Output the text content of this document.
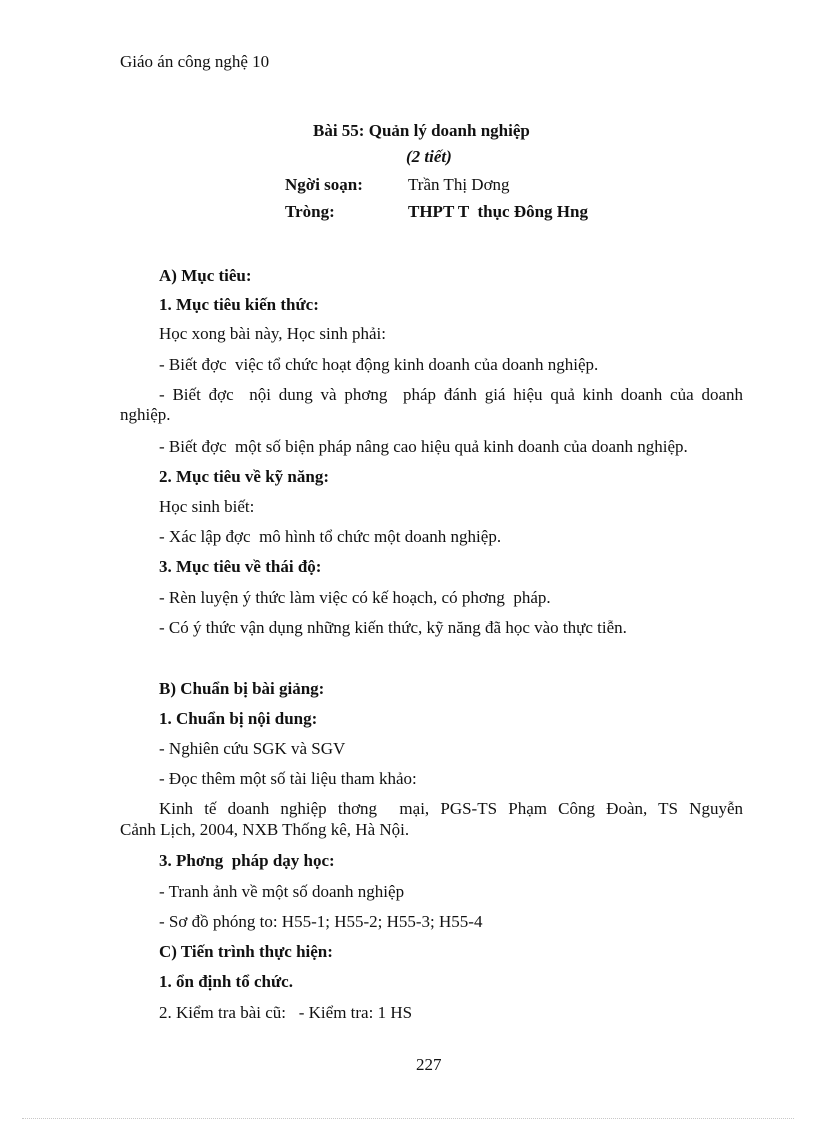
Giáo án công nghệ 10
Bài 55: Quản lý doanh nghiệp
(2 tiết)
Ngời soạn:	Trần Thị Dơng
Tròng:	THPT T  thục Đông Hng
A) Mục tiêu:
1. Mục tiêu kiến thức:
Học xong bài này, Học sinh phải:
- Biết đợc  việc tổ chức hoạt động kinh doanh của doanh nghiệp.
- Biết đợc  nội dung và phơng  pháp đánh giá hiệu quả kinh doanh của doanh
nghiệp.
- Biết đợc  một số biện pháp nâng cao hiệu quả kinh doanh của doanh nghiệp.
2. Mục tiêu về kỹ năng:
Học sinh biết:
- Xác lập đợc  mô hình tổ chức một doanh nghiệp.
3. Mục tiêu về thái độ:
- Rèn luyện ý thức làm việc có kế hoạch, có phơng  pháp.
- Có ý thức vận dụng những kiến thức, kỹ năng đã học vào thực tiễn.
B) Chuẩn bị bài giảng:
1. Chuẩn bị nội dung:
- Nghiên cứu SGK và SGV
- Đọc thêm một số tài liệu tham khảo:
Kinh tế doanh nghiệp thơng  mại, PGS-TS Phạm Công Đoàn, TS Nguyễn
Cảnh Lịch, 2004, NXB Thống kê, Hà Nội.
3. Phơng  pháp dạy học:
- Tranh ảnh về một số doanh nghiệp
- Sơ đồ phóng to: H55-1; H55-2; H55-3; H55-4
C) Tiến trình thực hiện:
1. ổn định tổ chức.
2. Kiểm tra bài cũ:   - Kiểm tra: 1 HS
227
